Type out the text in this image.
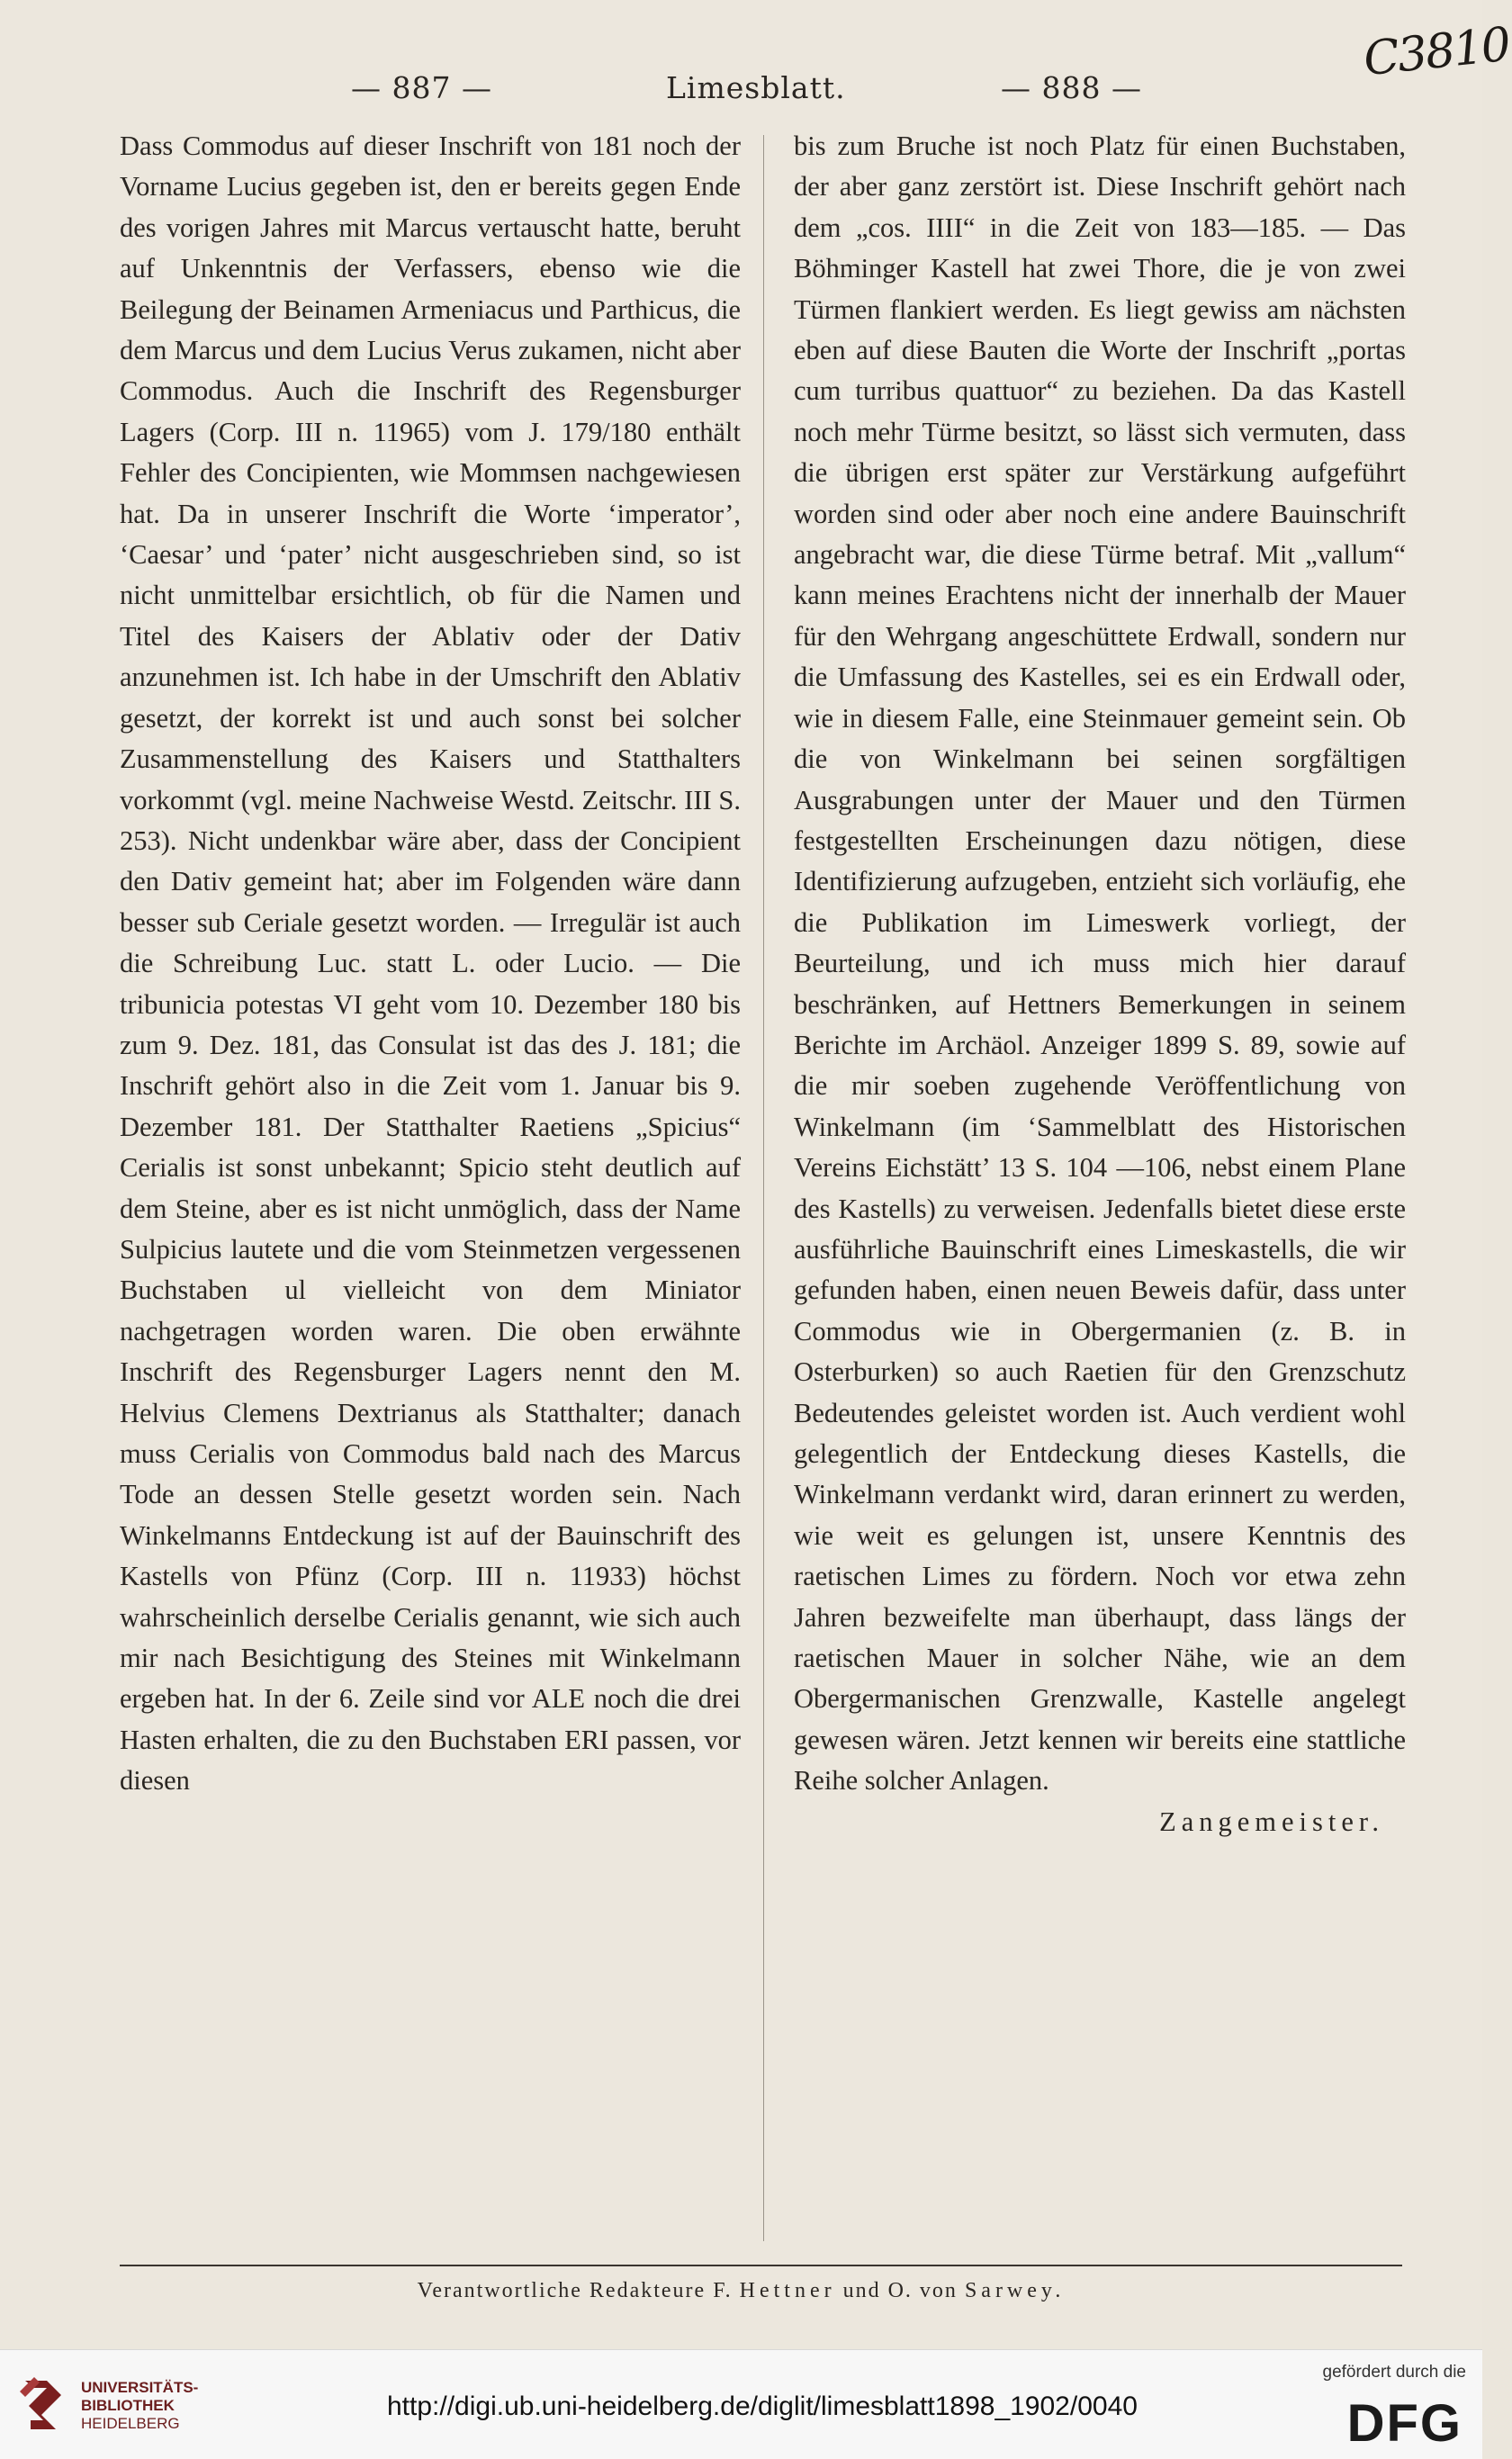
— 887 —	Limesblatt.	— 888 —
C3810

Dass Commodus auf dieser Inschrift von 181 noch der Vorname Lucius gegeben ist, den er bereits gegen Ende des vorigen Jahres mit Marcus vertauscht hatte, beruht auf Unkenntnis der Verfassers, ebenso wie die Beilegung der Beinamen Armeniacus und Parthicus, die dem Marcus und dem Lucius Verus zukamen, nicht aber Commodus. Auch die Inschrift des Regensburger Lagers (Corp. III n. 11965) vom J. 179/180 enthält Fehler des Concipienten, wie Mommsen nachgewiesen hat. Da in unserer Inschrift die Worte ‘imperator’, ‘Caesar’ und ‘pater’ nicht ausgeschrieben sind, so ist nicht unmittelbar ersichtlich, ob für die Namen und Titel des Kaisers der Ablativ oder der Dativ anzunehmen ist. Ich habe in der Umschrift den Ablativ gesetzt, der korrekt ist und auch sonst bei solcher Zusammenstellung des Kaisers und Statthalters vorkommt (vgl. meine Nachweise Westd. Zeitschr. III S. 253). Nicht undenkbar wäre aber, dass der Concipient den Dativ gemeint hat; aber im Folgenden wäre dann besser sub Ceriale gesetzt worden. — Irregulär ist auch die Schreibung Luc. statt L. oder Lucio. — Die tribunicia potestas VI geht vom 10. Dezember 180 bis zum 9. Dez. 181, das Consulat ist das des J. 181; die Inschrift gehört also in die Zeit vom 1. Januar bis 9. Dezember 181. Der Statthalter Raetiens „Spicius“ Cerialis ist sonst unbekannt; Spicio steht deutlich auf dem Steine, aber es ist nicht unmöglich, dass der Name Sulpicius lautete und die vom Steinmetzen vergessenen Buchstaben ul vielleicht von dem Miniator nachgetragen worden waren. Die oben erwähnte Inschrift des Regensburger Lagers nennt den M. Helvius Clemens Dextrianus als Statthalter; danach muss Cerialis von Commodus bald nach des Marcus Tode an dessen Stelle gesetzt worden sein. Nach Winkelmanns Entdeckung ist auf der Bauinschrift des Kastells von Pfünz (Corp. III n. 11933) höchst wahrscheinlich derselbe Cerialis genannt, wie sich auch mir nach Besichtigung des Steines mit Winkelmann ergeben hat. In der 6. Zeile sind vor ALE noch die drei Hasten erhalten, die zu den Buchstaben ERI passen, vor diesen

bis zum Bruche ist noch Platz für einen Buchstaben, der aber ganz zerstört ist. Diese Inschrift gehört nach dem „cos. IIII“ in die Zeit von 183—185. — Das Böhminger Kastell hat zwei Thore, die je von zwei Türmen flankiert werden. Es liegt gewiss am nächsten eben auf diese Bauten die Worte der Inschrift „portas cum turribus quattuor“ zu beziehen. Da das Kastell noch mehr Türme besitzt, so lässt sich vermuten, dass die übrigen erst später zur Verstärkung aufgeführt worden sind oder aber noch eine andere Bauinschrift angebracht war, die diese Türme betraf. Mit „vallum“ kann meines Erachtens nicht der innerhalb der Mauer für den Wehrgang angeschüttete Erdwall, sondern nur die Umfassung des Kastelles, sei es ein Erdwall oder, wie in diesem Falle, eine Steinmauer gemeint sein. Ob die von Winkelmann bei seinen sorgfältigen Ausgrabungen unter der Mauer und den Türmen festgestellten Erscheinungen dazu nötigen, diese Identifizierung aufzugeben, entzieht sich vorläufig, ehe die Publikation im Limeswerk vorliegt, der Beurteilung, und ich muss mich hier darauf beschränken, auf Hettners Bemerkungen in seinem Berichte im Archäol. Anzeiger 1899 S. 89, sowie auf die mir soeben zugehende Veröffentlichung von Winkelmann (im ‘Sammelblatt des Historischen Vereins Eichstätt’ 13 S. 104 —106, nebst einem Plane des Kastells) zu verweisen. Jedenfalls bietet diese erste ausführliche Bauinschrift eines Limeskastells, die wir gefunden haben, einen neuen Beweis dafür, dass unter Commodus wie in Obergermanien (z. B. in Osterburken) so auch Raetien für den Grenzschutz Bedeutendes geleistet worden ist. Auch verdient wohl gelegentlich der Entdeckung dieses Kastells, die Winkelmann verdankt wird, daran erinnert zu werden, wie weit es gelungen ist, unsere Kenntnis des raetischen Limes zu fördern. Noch vor etwa zehn Jahren bezweifelte man überhaupt, dass längs der raetischen Mauer in solcher Nähe, wie an dem Obergermanischen Grenzwalle, Kastelle angelegt gewesen wären. Jetzt kennen wir bereits eine stattliche Reihe solcher Anlagen.

Zangemeister.

Verantwortliche Redakteure F. Hettner und O. von Sarwey.
UNIVERSITÄTS-
BIBLIOTHEK
HEIDELBERG
http://digi.ub.uni-heidelberg.de/diglit/limesblatt1898_1902/0040
gefördert durch die
DFG
